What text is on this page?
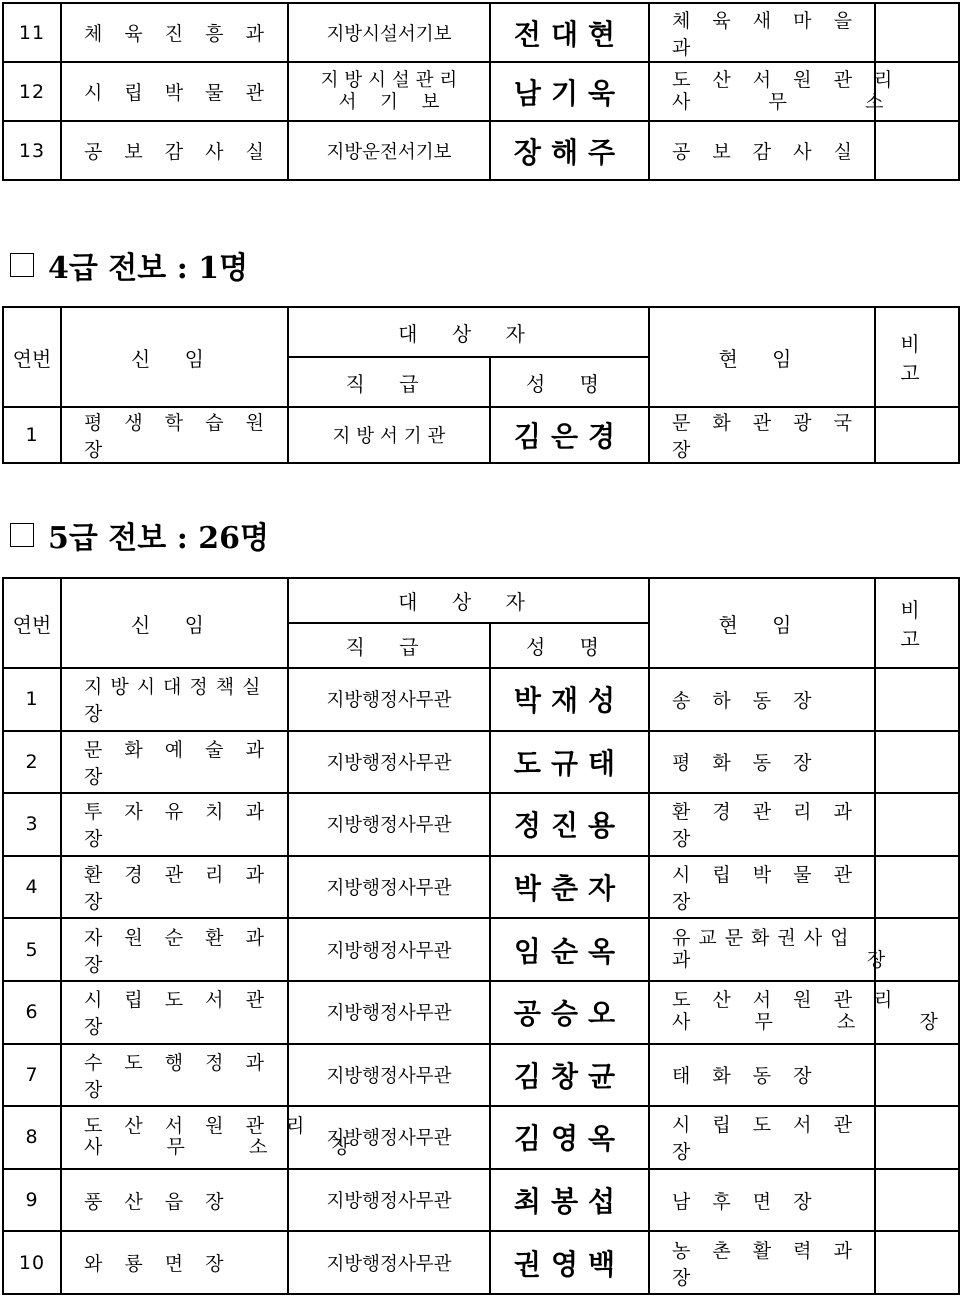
11	체 육 진 흥 과	지방시설서기보	전대현	체 육 새 마 을 과	
12	시 립 박 물 관	지 방 시 설 관 리
서    기    보	남기욱	도 산 서 원 관 리
사     무     소	
13	공 보 감 사 실	지방운전서기보	장해주	공 보 감 사 실	
4급 전보 : 1명
연번	신 임	대 상 자		현 임	비 고
		직 급	성 명		
1	평 생 학 습 원 장	지 방 서 기 관	김은경	문 화 관 광 국 장	
5급 전보 : 26명
연번	신 임	대 상 자		현 임	비 고
		직 급	성 명		
1	지방시대정책실장	지방행정사무관	박재성	송 하 동 장	
2	문 화 예 술 과 장	지방행정사무관	도규태	평 화 동 장	
3	투 자 유 치 과 장	지방행정사무관	정진용	환 경 관 리 과 장	
4	환 경 관 리 과 장	지방행정사무관	박춘자	시 립 박 물 관 장	
5	자 원 순 환 과 장	지방행정사무관	임순옥	유교문화권사업
과            장	
6	시 립 도 서 관 장	지방행정사무관	공승오	도 산 서 원 관 리
사    무    소    장	
7	수 도 행 정 과 장	지방행정사무관	김창균	태 화 동 장	
8	도 산 서 원 관 리
사    무    소    장	지방행정사무관	김영옥	시 립 도 서 관 장	
9	풍 산 읍 장	지방행정사무관	최봉섭	남 후 면 장	
10	와 룡 면 장	지방행정사무관	권영백	농 촌 활 력 과 장	
